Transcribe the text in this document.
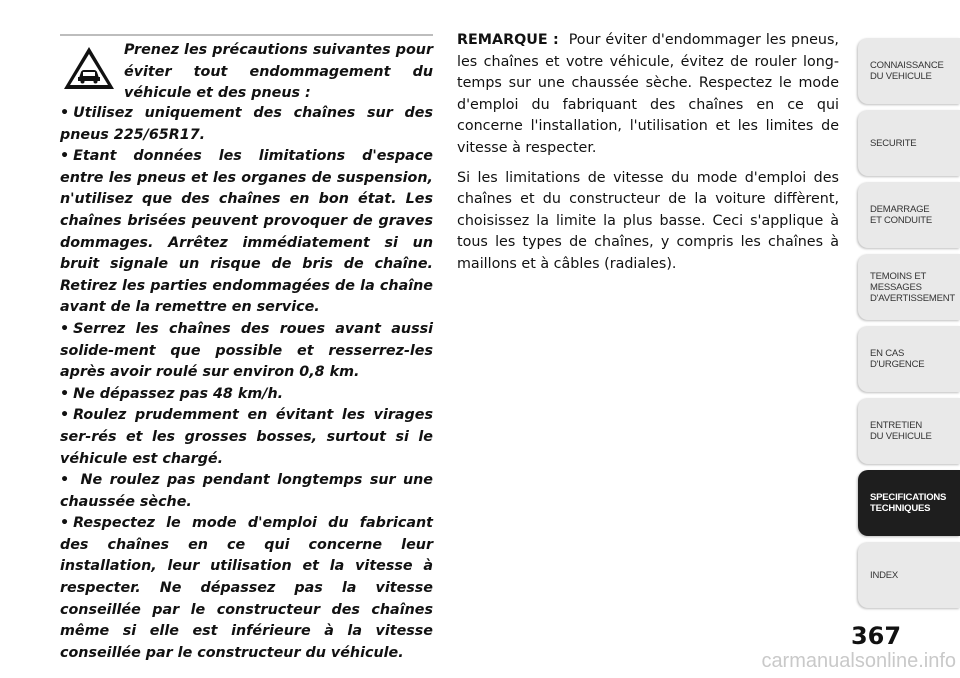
Prenez les précautions suivantes pour éviter tout endommagement du véhicule et des pneus :

• Utilisez uniquement des chaînes sur des pneus 225/65R17.

• Etant données les limitations d'espace entre les pneus et les organes de suspension, n'utilisez que des chaînes en bon état. Les chaînes brisées peuvent provoquer de graves dommages. Arrêtez immédiatement si un bruit signale un risque de bris de chaîne. Retirez les parties endommagées de la chaîne avant de la remettre en service.

• Serrez les chaînes des roues avant aussi solide-ment que possible et resserrez-les après avoir roulé sur environ 0,8 km.

• Ne dépassez pas 48 km/h.

• Roulez prudemment en évitant les virages ser-rés et les grosses bosses, surtout si le véhicule est chargé.

• Ne roulez pas pendant longtemps sur une chaussée sèche.

• Respectez le mode d'emploi du fabricant des chaînes en ce qui concerne leur installation, leur utilisation et la vitesse à respecter. Ne dépassez pas la vitesse conseillée par le constructeur des chaînes même si elle est inférieure à la vitesse conseillée par le constructeur du véhicule.

REMARQUE : Pour éviter d'endommager les pneus, les chaînes et votre véhicule, évitez de rouler long-temps sur une chaussée sèche. Respectez le mode d'emploi du fabriquant des chaînes en ce qui concerne l'installation, l'utilisation et les limites de vitesse à respecter.

Si les limitations de vitesse du mode d'emploi des chaînes et du constructeur de la voiture diffèrent, choisissez la limite la plus basse. Ceci s'applique à tous les types de chaînes, y compris les chaînes à maillons et à câbles (radiales).

CONNAISSANCE
DU VEHICULE
SECURITE
DEMARRAGE
ET CONDUITE
TEMOINS ET
MESSAGES
D'AVERTISSEMENT
EN CAS
D'URGENCE
ENTRETIEN
DU VEHICULE
SPECIFICATIONS
TECHNIQUES
INDEX
367
carmanualsonline.info
